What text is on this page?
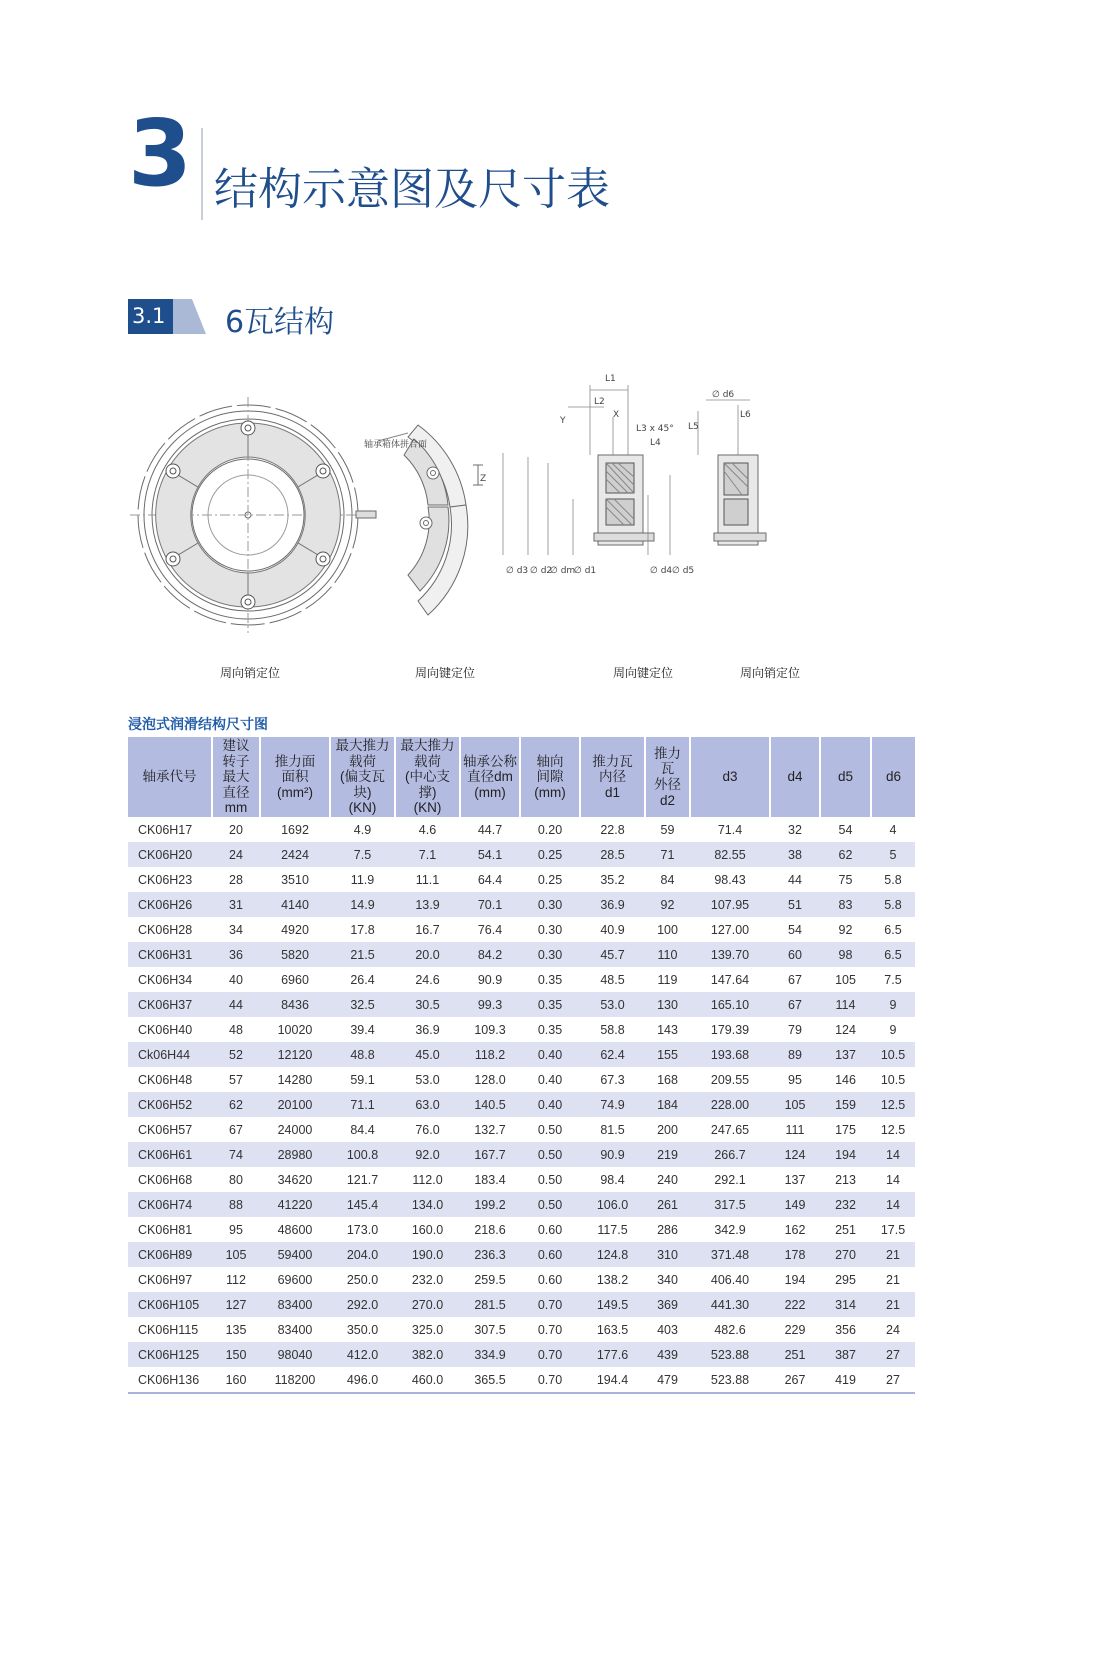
3 结构示意图及尺寸表
3.1 6瓦结构
轴承箱体拼合面
L1
L2
X
Y
L3 x 45°
L4
Z
∅ d3 ∅ d2
∅ dm
∅ d1	∅ d4 ∅ d5
∅ d6
L5
L6
周向销定位	周向键定位	周向键定位	周向销定位
浸泡式润滑结构尺寸图
轴承代号	建议
转子
最大
直径
mm	推力面
面积
(mm²)	最大推力
载荷
(偏支瓦块)
(KN)	最大推力
载荷
(中心支撑)
(KN)	轴承公称
直径dm
(mm)	轴向
间隙
(mm)	推力瓦
内径
d1	推力瓦
外径
d2	d3	d4	d5	d6
CK06H17	20	1692	4.9	4.6	44.7	0.20	22.8	59	71.4	32	54	4
CK06H20	24	2424	7.5	7.1	54.1	0.25	28.5	71	82.55	38	62	5
CK06H23	28	3510	11.9	11.1	64.4	0.25	35.2	84	98.43	44	75	5.8
CK06H26	31	4140	14.9	13.9	70.1	0.30	36.9	92	107.95	51	83	5.8
CK06H28	34	4920	17.8	16.7	76.4	0.30	40.9	100	127.00	54	92	6.5
CK06H31	36	5820	21.5	20.0	84.2	0.30	45.7	110	139.70	60	98	6.5
CK06H34	40	6960	26.4	24.6	90.9	0.35	48.5	119	147.64	67	105	7.5
CK06H37	44	8436	32.5	30.5	99.3	0.35	53.0	130	165.10	67	114	9
CK06H40	48	10020	39.4	36.9	109.3	0.35	58.8	143	179.39	79	124	9
Ck06H44	52	12120	48.8	45.0	118.2	0.40	62.4	155	193.68	89	137	10.5
CK06H48	57	14280	59.1	53.0	128.0	0.40	67.3	168	209.55	95	146	10.5
CK06H52	62	20100	71.1	63.0	140.5	0.40	74.9	184	228.00	105	159	12.5
CK06H57	67	24000	84.4	76.0	132.7	0.50	81.5	200	247.65	111	175	12.5
CK06H61	74	28980	100.8	92.0	167.7	0.50	90.9	219	266.7	124	194	14
CK06H68	80	34620	121.7	112.0	183.4	0.50	98.4	240	292.1	137	213	14
CK06H74	88	41220	145.4	134.0	199.2	0.50	106.0	261	317.5	149	232	14
CK06H81	95	48600	173.0	160.0	218.6	0.60	117.5	286	342.9	162	251	17.5
CK06H89	105	59400	204.0	190.0	236.3	0.60	124.8	310	371.48	178	270	21
CK06H97	112	69600	250.0	232.0	259.5	0.60	138.2	340	406.40	194	295	21
CK06H105	127	83400	292.0	270.0	281.5	0.70	149.5	369	441.30	222	314	21
CK06H115	135	83400	350.0	325.0	307.5	0.70	163.5	403	482.6	229	356	24
CK06H125	150	98040	412.0	382.0	334.9	0.70	177.6	439	523.88	251	387	27
CK06H136	160	118200	496.0	460.0	365.5	0.70	194.4	479	523.88	267	419	27
